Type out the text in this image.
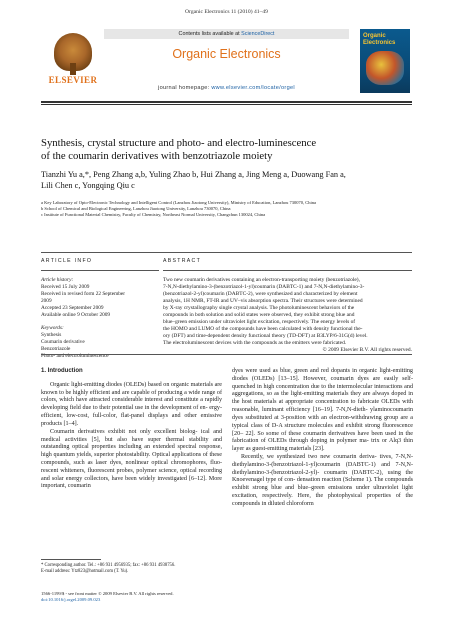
Organic Electronics 11 (2010) 41–49
ELSEVIER
Contents lists available at ScienceDirect
Organic Electronics
journal homepage: www.elsevier.com/locate/orgel
Organic Electronics
Synthesis, crystal structure and photo- and electro-luminescence
of the coumarin derivatives with benzotriazole moiety
Tianzhi Yu a,*, Peng Zhang a,b, Yuling Zhao b, Hui Zhang a, Jing Meng a, Duowang Fan a,
Lili Chen c, Yongqing Qiu c
a Key Laboratory of Opto-Electronic Technology and Intelligent Control (Lanzhou Jiaotong University), Ministry of Education, Lanzhou 730070, China
b School of Chemical and Biological Engineering, Lanzhou Jiaotong University, Lanzhou 730070, China
c Institute of Functional Material Chemistry, Faculty of Chemistry, Northeast Normal University, Changchun 130024, China
ARTICLE INFO	ABSTRACT
Article history:
Received 15 July 2009
Received in revised form 22 September
2009
Accepted 23 September 2009
Available online 9 October 2009
Keywords:
Synthesis
Coumarin derivative
Benzotriazole
Photo- and electroluminescence
Two new coumarin derivatives containing an electron-transporting moiety (benzotriazole),
7-N,N-diethylamino-3-(benzotriazol-1-yl)coumarin (DABTC-1) and 7-N,N-diethylamino-3-
(benzotriazol-2-yl)coumarin (DABTC-2), were synthesized and characterized by element
analysis, 1H NMR, FT-IR and UV–vis absorption spectra. Their structures were determined
by X-ray crystallography single crystal analysis. The photoluminescent behaviors of the
compounds in both solution and solid states were observed, they exhibit strong blue and
blue–green emission under ultraviolet light excitation, respectively. The energy levels of
the HOMO and LUMO of the compounds have been calculated with density functional the-
ory (DFT) and time-dependent density functional theory (TD-DFT) at B3LYP/6-31G(d) level.
The electroluminescent devices with the compounds as the emitters were fabricated.
© 2009 Elsevier B.V. All rights reserved.
1. Introduction

Organic light-emitting diodes (OLEDs) based on organic materials are known to be highly efficient and are capable of producing a wide range of colors, which have attracted considerable interest and constitute a rapidly developing field due to their potential use in the development of en- ergy-efficient, low-cost, full-color, flat-panel displays and other emissive products [1–4].

Coumarin derivatives exhibit not only excellent biolog- ical and medical activities [5], but also have super thermal stability and outstanding optical properties including an extended spectral response, high quantum yields, superior photostability. Optical applications of these compounds, such as laser dyes, nonlinear optical chromophores, fluo- rescent whiteners, fluorescent probes, polymer science, optical recording and solar energy collectors, have been widely investigated [6–12]. More important, coumarin

dyes were used as blue, green and red dopants in organic light-emitting diodes (OLEDs) [13–15]. However, coumarin dyes are easily self-quenched in high concentration due to the intermolecular interactions and aggregations, so as the light-emitting materials they are always doped in the host materials at appropriate concentration to fabricate OLEDs with reasonable, luminant efficiency [16–19]. 7-N,N-dieth- ylaminocoumarin dyes substituted at 3-position with an electron-withdrawing group are a typical class of D-A structure molecules and exhibit strong fluorescence [20– 22]. So some of these coumarin derivatives have been used in the fabrication of OLEDs through doping in polymer ma- trix or Alq3 thin layer as guest-emitting materials [23].

Recently, we synthesized two new coumarin deriva- tives, 7-N,N-diethylamino-3-(benzotriazol-1-yl)coumarin (DABTC-1) and 7-N,N-diethylamino-3-(benzotriazol-2-yl)- coumarin (DABTC-2), using the Knoevenagel type of con- densation reaction (Scheme 1). The compounds exhibit strong blue and blue–green emissions under ultraviolet light excitation, respectively. Here, the photophysical properties of the compounds in diluted chloroform

* Corresponding author. Tel.: +86 931 4956935; fax: +86 931 4938756.
E-mail address: Ytz823@hotmail.com (T. Yu).
1566-1199/$ - see front matter © 2009 Elsevier B.V. All rights reserved.
doi:10.1016/j.orgel.2009.09.023
